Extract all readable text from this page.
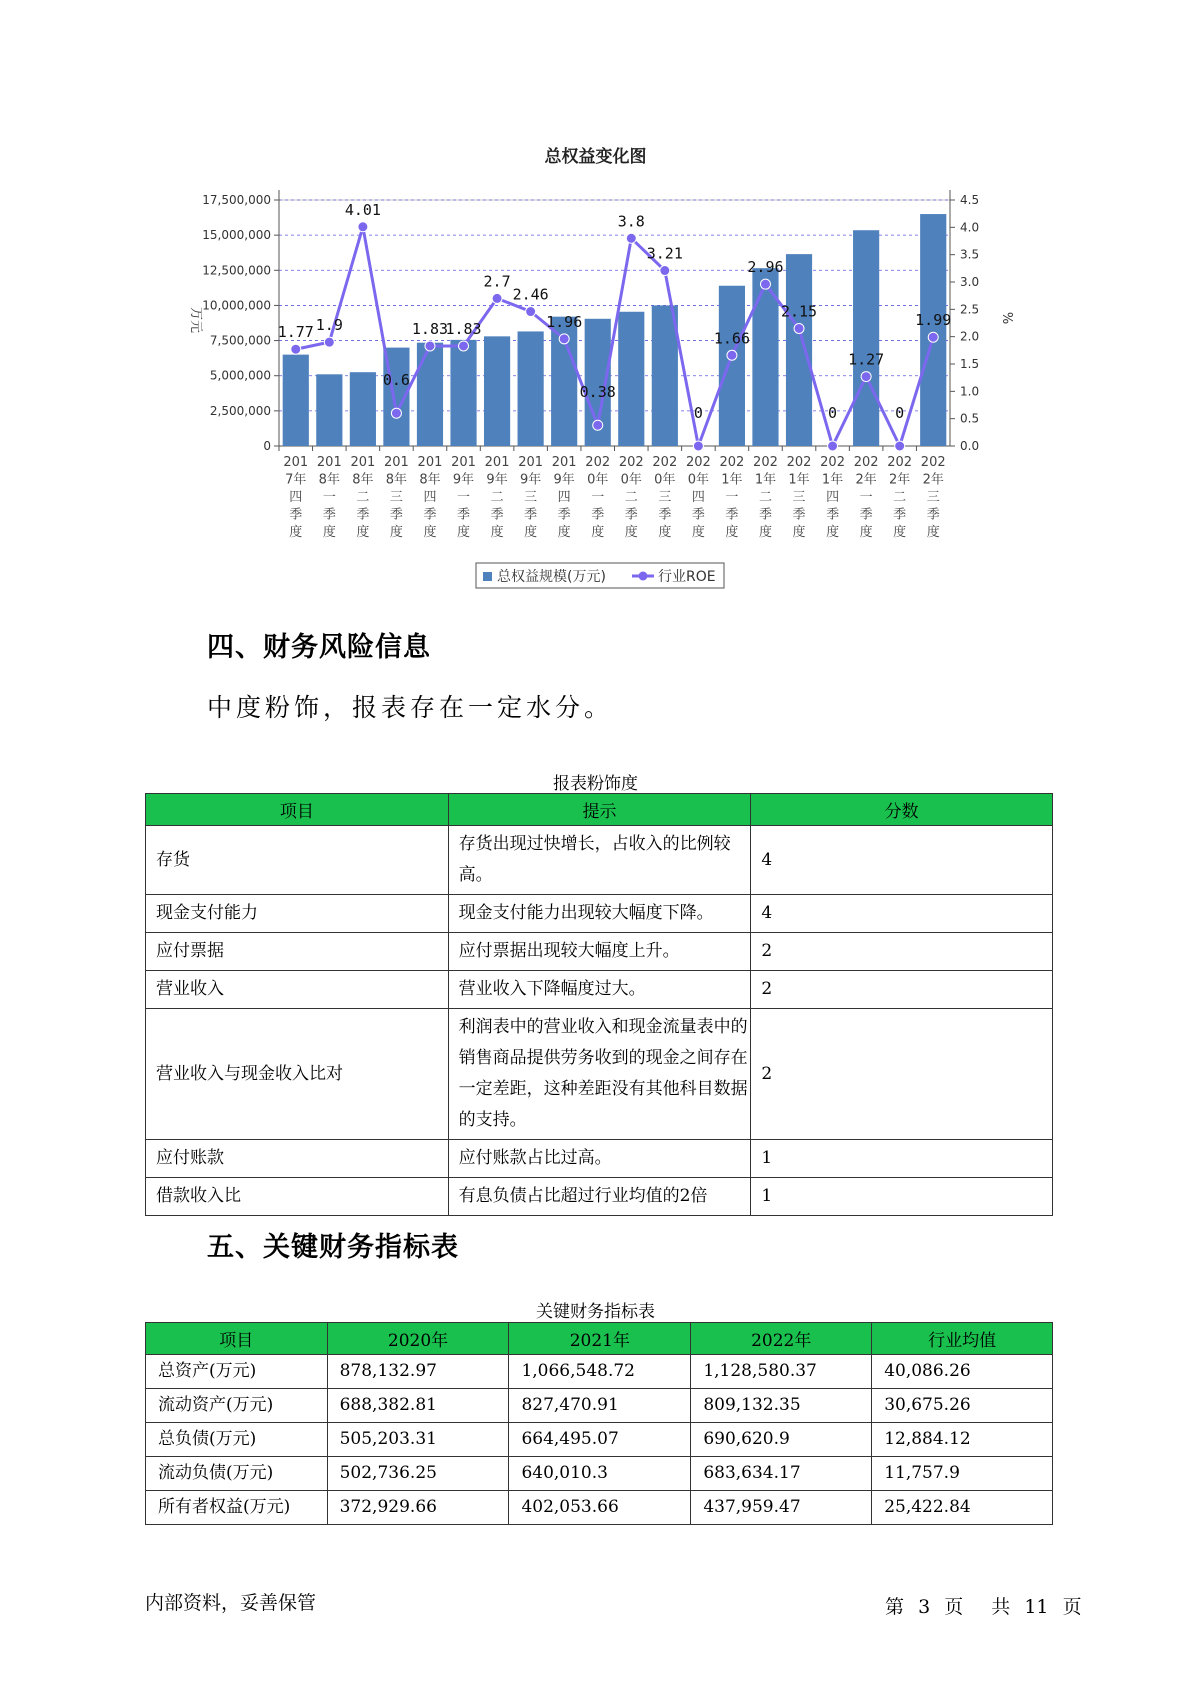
总权益变化图
0
2,500,000
5,000,000
7,500,000
10,000,000
12,500,000
15,000,000
17,500,000
0.0
0.5
1.0
1.5
2.0
2.5
3.0
3.5
4.0
4.5
万元	%
201 7年四季度
201 8年一季度
201 8年二季度
201 8年三季度
201 8年四季度
201 9年一季度
201 9年二季度
201 9年三季度
201 9年四季度
202 0年一季度
202 0年二季度
202 0年三季度
202 0年四季度
202 1年一季度
202 1年二季度
202 1年三季度
202 1年四季度
202 2年一季度
202 2年二季度
202 2年三季度
1.77 1.9
4.01
0.6
1.83
1.83
2.7
2.46
1.96
0.38
3.8
3.21
0
1.66
2.96
2.15
0
1.27
0
1.99
总权益规模(万元)	行业ROE
四、财务风险信息
中度粉饰，报表存在一定水分。
报表粉饰度
项目	提示	分数
存货	存货出现过快增长，占收入的比例较高。	4
现金支付能力	现金支付能力出现较大幅度下降。	4
应付票据	应付票据出现较大幅度上升。	2
营业收入	营业收入下降幅度过大。	2
营业收入与现金收入比对	利润表中的营业收入和现金流量表中的销售商品提供劳务收到的现金之间存在一定差距，这种差距没有其他科目数据的支持。	2
应付账款	应付账款占比过高。	1
借款收入比	有息负债占比超过行业均值的2倍	1
五、关键财务指标表
关键财务指标表
项目	2020年	2021年	2022年	行业均值
总资产(万元)	878,132.97	1,066,548.72	1,128,580.37	40,086.26
流动资产(万元)	688,382.81	827,470.91	809,132.35	30,675.26
总负债(万元)	505,203.31	664,495.07	690,620.9	12,884.12
流动负债(万元)	502,736.25	640,010.3	683,634.17	11,757.9
所有者权益(万元)	372,929.66	402,053.66	437,959.47	25,422.84
内部资料，妥善保管	第 3 页 共 11 页
